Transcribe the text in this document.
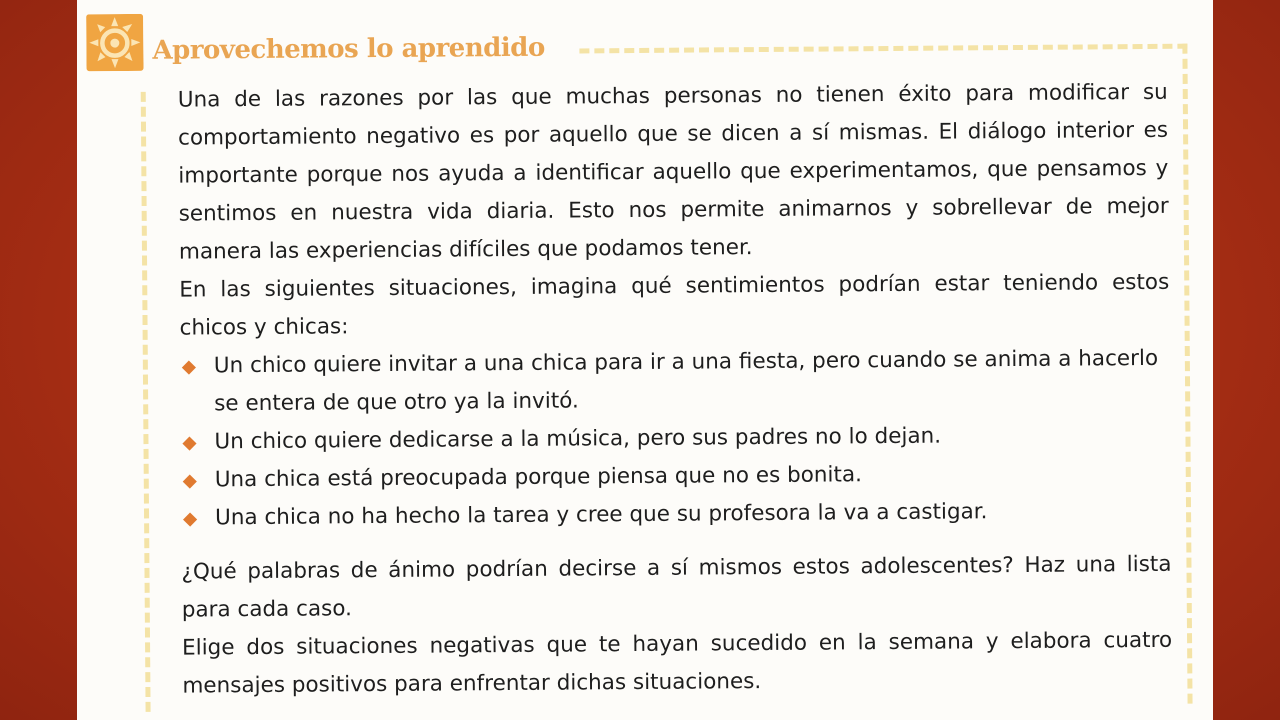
Aprovechemos lo aprendido

Una de las razones por las que muchas personas no tienen éxito para modificar su comportamiento negativo es por aquello que se dicen a sí mismas. El diálogo interior es importante porque nos ayuda a identificar aquello que experimentamos, que pensamos y sentimos en nuestra vida diaria. Esto nos permite animarnos y sobrellevar de mejor manera las experiencias difíciles que podamos tener.

En las siguientes situaciones, imagina qué sentimientos podrían estar teniendo estos chicos y chicas:

Un chico quiere invitar a una chica para ir a una fiesta, pero cuando se anima a hacerlo se entera de que otro ya la invitó.
Un chico quiere dedicarse a la música, pero sus padres no lo dejan.
Una chica está preocupada porque piensa que no es bonita.
Una chica no ha hecho la tarea y cree que su profesora la va a castigar.

¿Qué palabras de ánimo podrían decirse a sí mismos estos adolescentes? Haz una lista para cada caso.

Elige dos situaciones negativas que te hayan sucedido en la semana y elabora cuatro mensajes positivos para enfrentar dichas situaciones.
